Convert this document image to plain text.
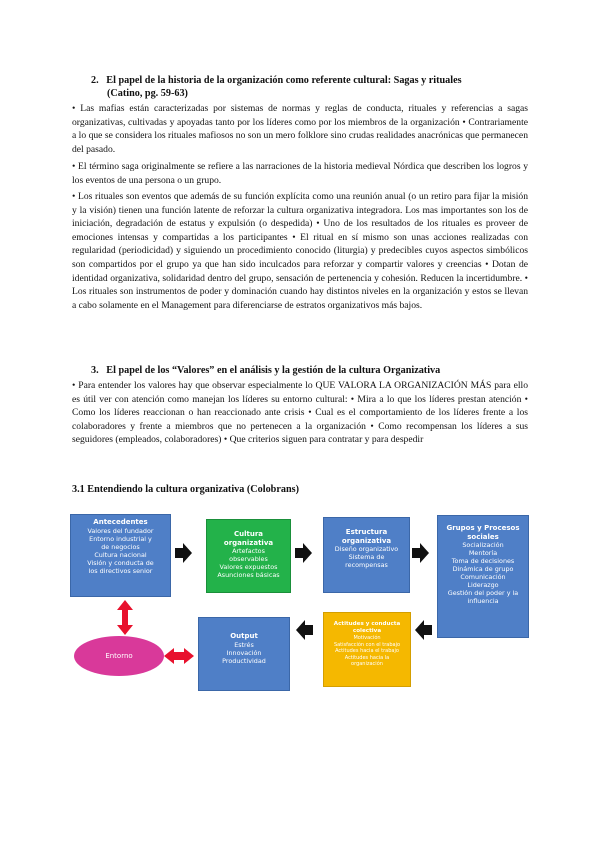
2. El papel de la historia de la organización como referente cultural: Sagas y rituales
(Catino, pg. 59-63)

• Las mafias están caracterizadas por sistemas de normas y reglas de conducta, rituales y referencias a sagas organizativas, cultivadas y apoyadas tanto por los líderes como por los miembros de la organización • Contrariamente a lo que se considera los rituales mafiosos no son un mero folklore sino crudas realidades anacrónicas que permanecen del pasado.

• El término saga originalmente se refiere a las narraciones de la historia medieval Nórdica que describen los logros y los eventos de una persona o un grupo.

• Los rituales son eventos que además de su función explícita como una reunión anual (o un retiro para fijar la misión y la visión) tienen una función latente de reforzar la cultura organizativa integradora. Los mas importantes son los de iniciación, degradación de estatus y expulsión (o despedida) • Uno de los resultados de los rituales es proveer de emociones intensas y compartidas a los participantes • El ritual en sí mismo son unas acciones realizadas con regularidad (periodicidad) y siguiendo un procedimiento conocido (liturgia) y predecibles cuyos aspectos simbólicos son compartidos por el grupo ya que han sido inculcados para reforzar y compartir valores y creencias • Dotan de identidad organizativa, solidaridad dentro del grupo, sensación de pertenencia y cohesión. Reducen la incertidumbre. • Los rituales son instrumentos de poder y dominación cuando hay distintos niveles en la organización y estos se llevan a cabo solamente en el Management para diferenciarse de estratos organizativos más bajos.

3. El papel de los “Valores” en el análisis y la gestión de la cultura Organizativa

• Para entender los valores hay que observar especialmente lo QUE VALORA LA ORGANIZACIÓN MÁS para ello es útil ver con atención como manejan los líderes su entorno cultural: • Mira a lo que los líderes prestan atención • Como los líderes reaccionan o han reaccionado ante crisis • Cual es el comportamiento de los líderes frente a los colaboradores y frente a miembros que no pertenecen a la organización • Como recompensan los líderes a sus seguidores (empleados, colaboradores) • Que criterios siguen para contratar y para despedir

3.1 Entendiendo la cultura organizativa (Colobrans)
Antecedentes
Valores del fundador
Entorno industrial y
de negocios
Cultura nacional
Visión y conducta de
los directivos senior
Cultura organizativa
Artefactos
observables
Valores expuestos
Asunciones básicas
Estructura
organizativa
Diseño organizativo
Sistema de
recompensas
Grupos y Procesos
sociales
Socialización
Mentoría
Toma de decisiones
Dinámica de grupo
Comunicación
Liderazgo
Gestión del poder y la
influencia
Actitudes y conducta
colectiva
Motivación
Satisfacción con el trabajo
Actitudes hacia el trabajo
Actitudes hacia la
organización
Output
Estrés
Innovación
Productividad
Entorno
